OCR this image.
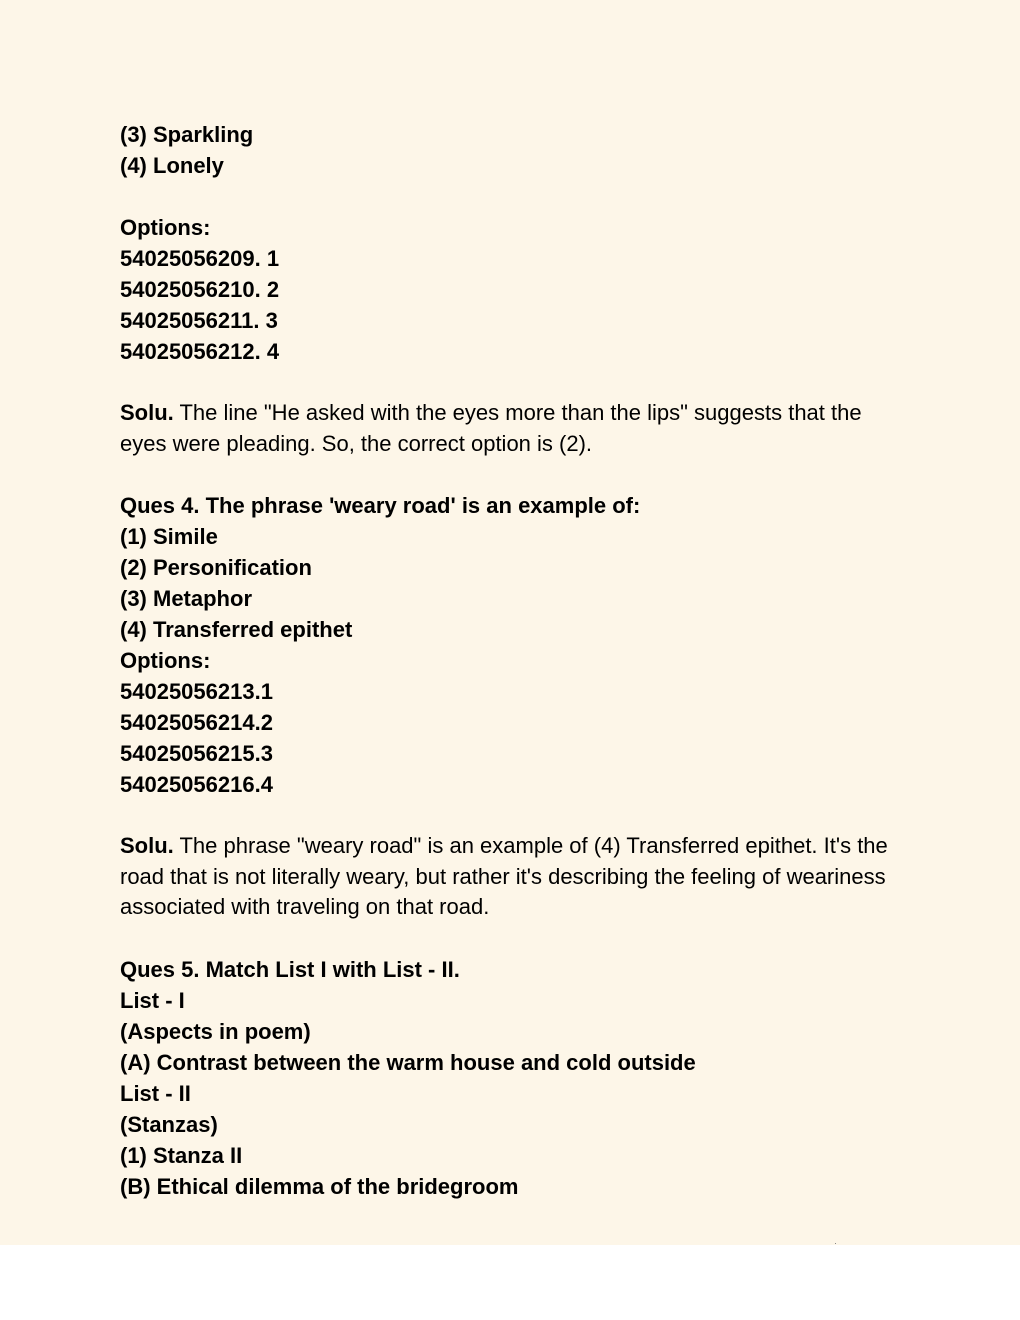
(3) Sparkling
(4) Lonely
Options:
54025056209. 1
54025056210. 2
54025056211. 3
54025056212. 4
Solu. The line "He asked with the eyes more than the lips" suggests that the eyes were pleading. So, the correct option is (2).
Ques 4. The phrase 'weary road' is an example of:
(1) Simile
(2) Personification
(3) Metaphor
(4) Transferred epithet
Options:
54025056213.1
54025056214.2
54025056215.3
54025056216.4
Solu. The phrase "weary road" is an example of (4) Transferred epithet. It's the road that is not literally weary, but rather it's describing the feeling of weariness associated with traveling on that road.
Ques 5. Match List I with List - II.
List - I
(Aspects in poem)
(A) Contrast between the warm house and cold outside
List - II
(Stanzas)
(1) Stanza II
(B) Ethical dilemma of the bridegroom
